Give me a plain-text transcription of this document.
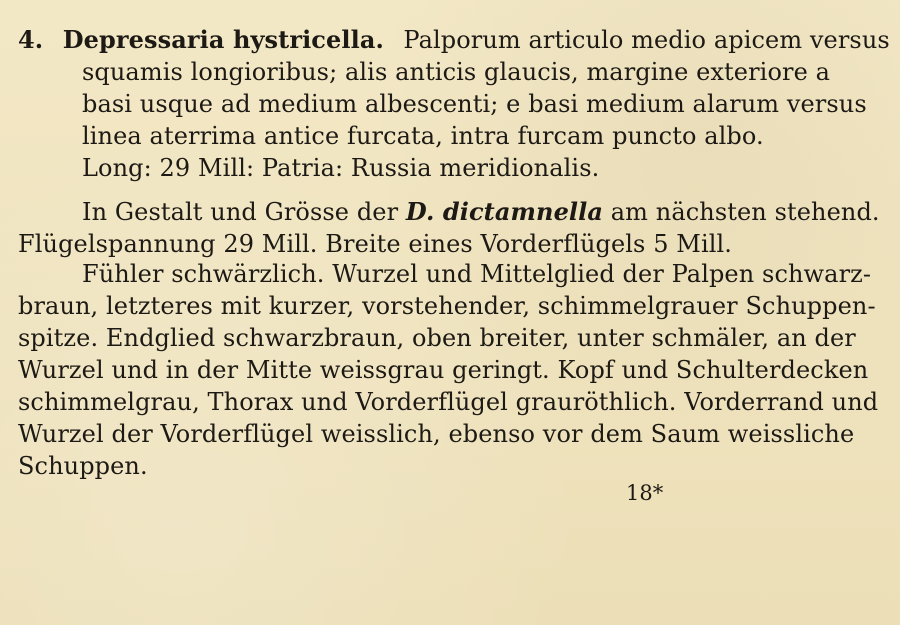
4. Depressaria hystricella. Palporum articulo medio apicem versus
squamis longioribus; alis anticis glaucis, margine exteriore a
basi usque ad medium albescenti; e basi medium alarum versus
linea aterrima antice furcata, intra furcam puncto albo.
Long: 29 Mill: Patria: Russia meridionalis.
In Gestalt und Grösse der D. dictamnella am nächsten stehend.
Flügelspannung 29 Mill. Breite eines Vorderflügels 5 Mill.
Fühler schwärzlich. Wurzel und Mittelglied der Palpen schwarz-
braun, letzteres mit kurzer, vorstehender, schimmelgrauer Schuppen-
spitze. Endglied schwarzbraun, oben breiter, unter schmäler, an der
Wurzel und in der Mitte weissgrau geringt. Kopf und Schulterdecken
schimmelgrau, Thorax und Vorderflügel grauröthlich. Vorderrand und
Wurzel der Vorderflügel weisslich, ebenso vor dem Saum weissliche
Schuppen.
18*
